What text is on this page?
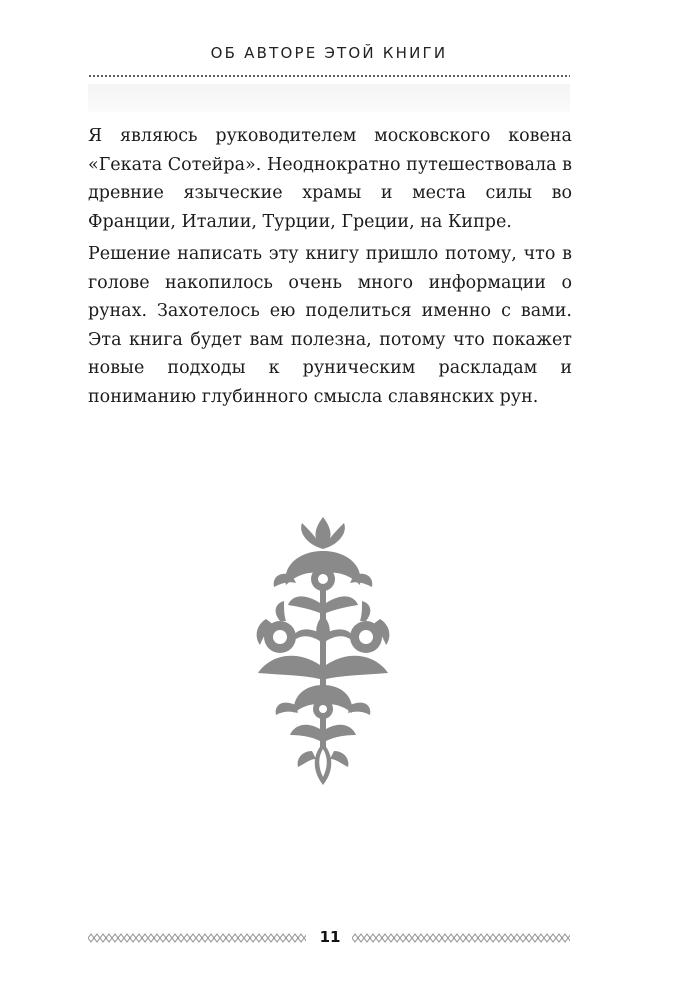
ОБ АВТОРЕ ЭТОЙ КНИГИ

Я являюсь руководителем московского ковена «Геката Сотейра». Неоднократно путешествовала в древние языческие храмы и места силы во Франции, Италии, Турции, Греции, на Кипре.

Решение написать эту книгу пришло потому, что в голове накопилось очень много информации о рунах. Захотелось ею поделиться именно с вами. Эта книга будет вам полезна, потому что покажет новые подходы к руническим раскладам и пониманию глубинного смысла славянских рун.

11
